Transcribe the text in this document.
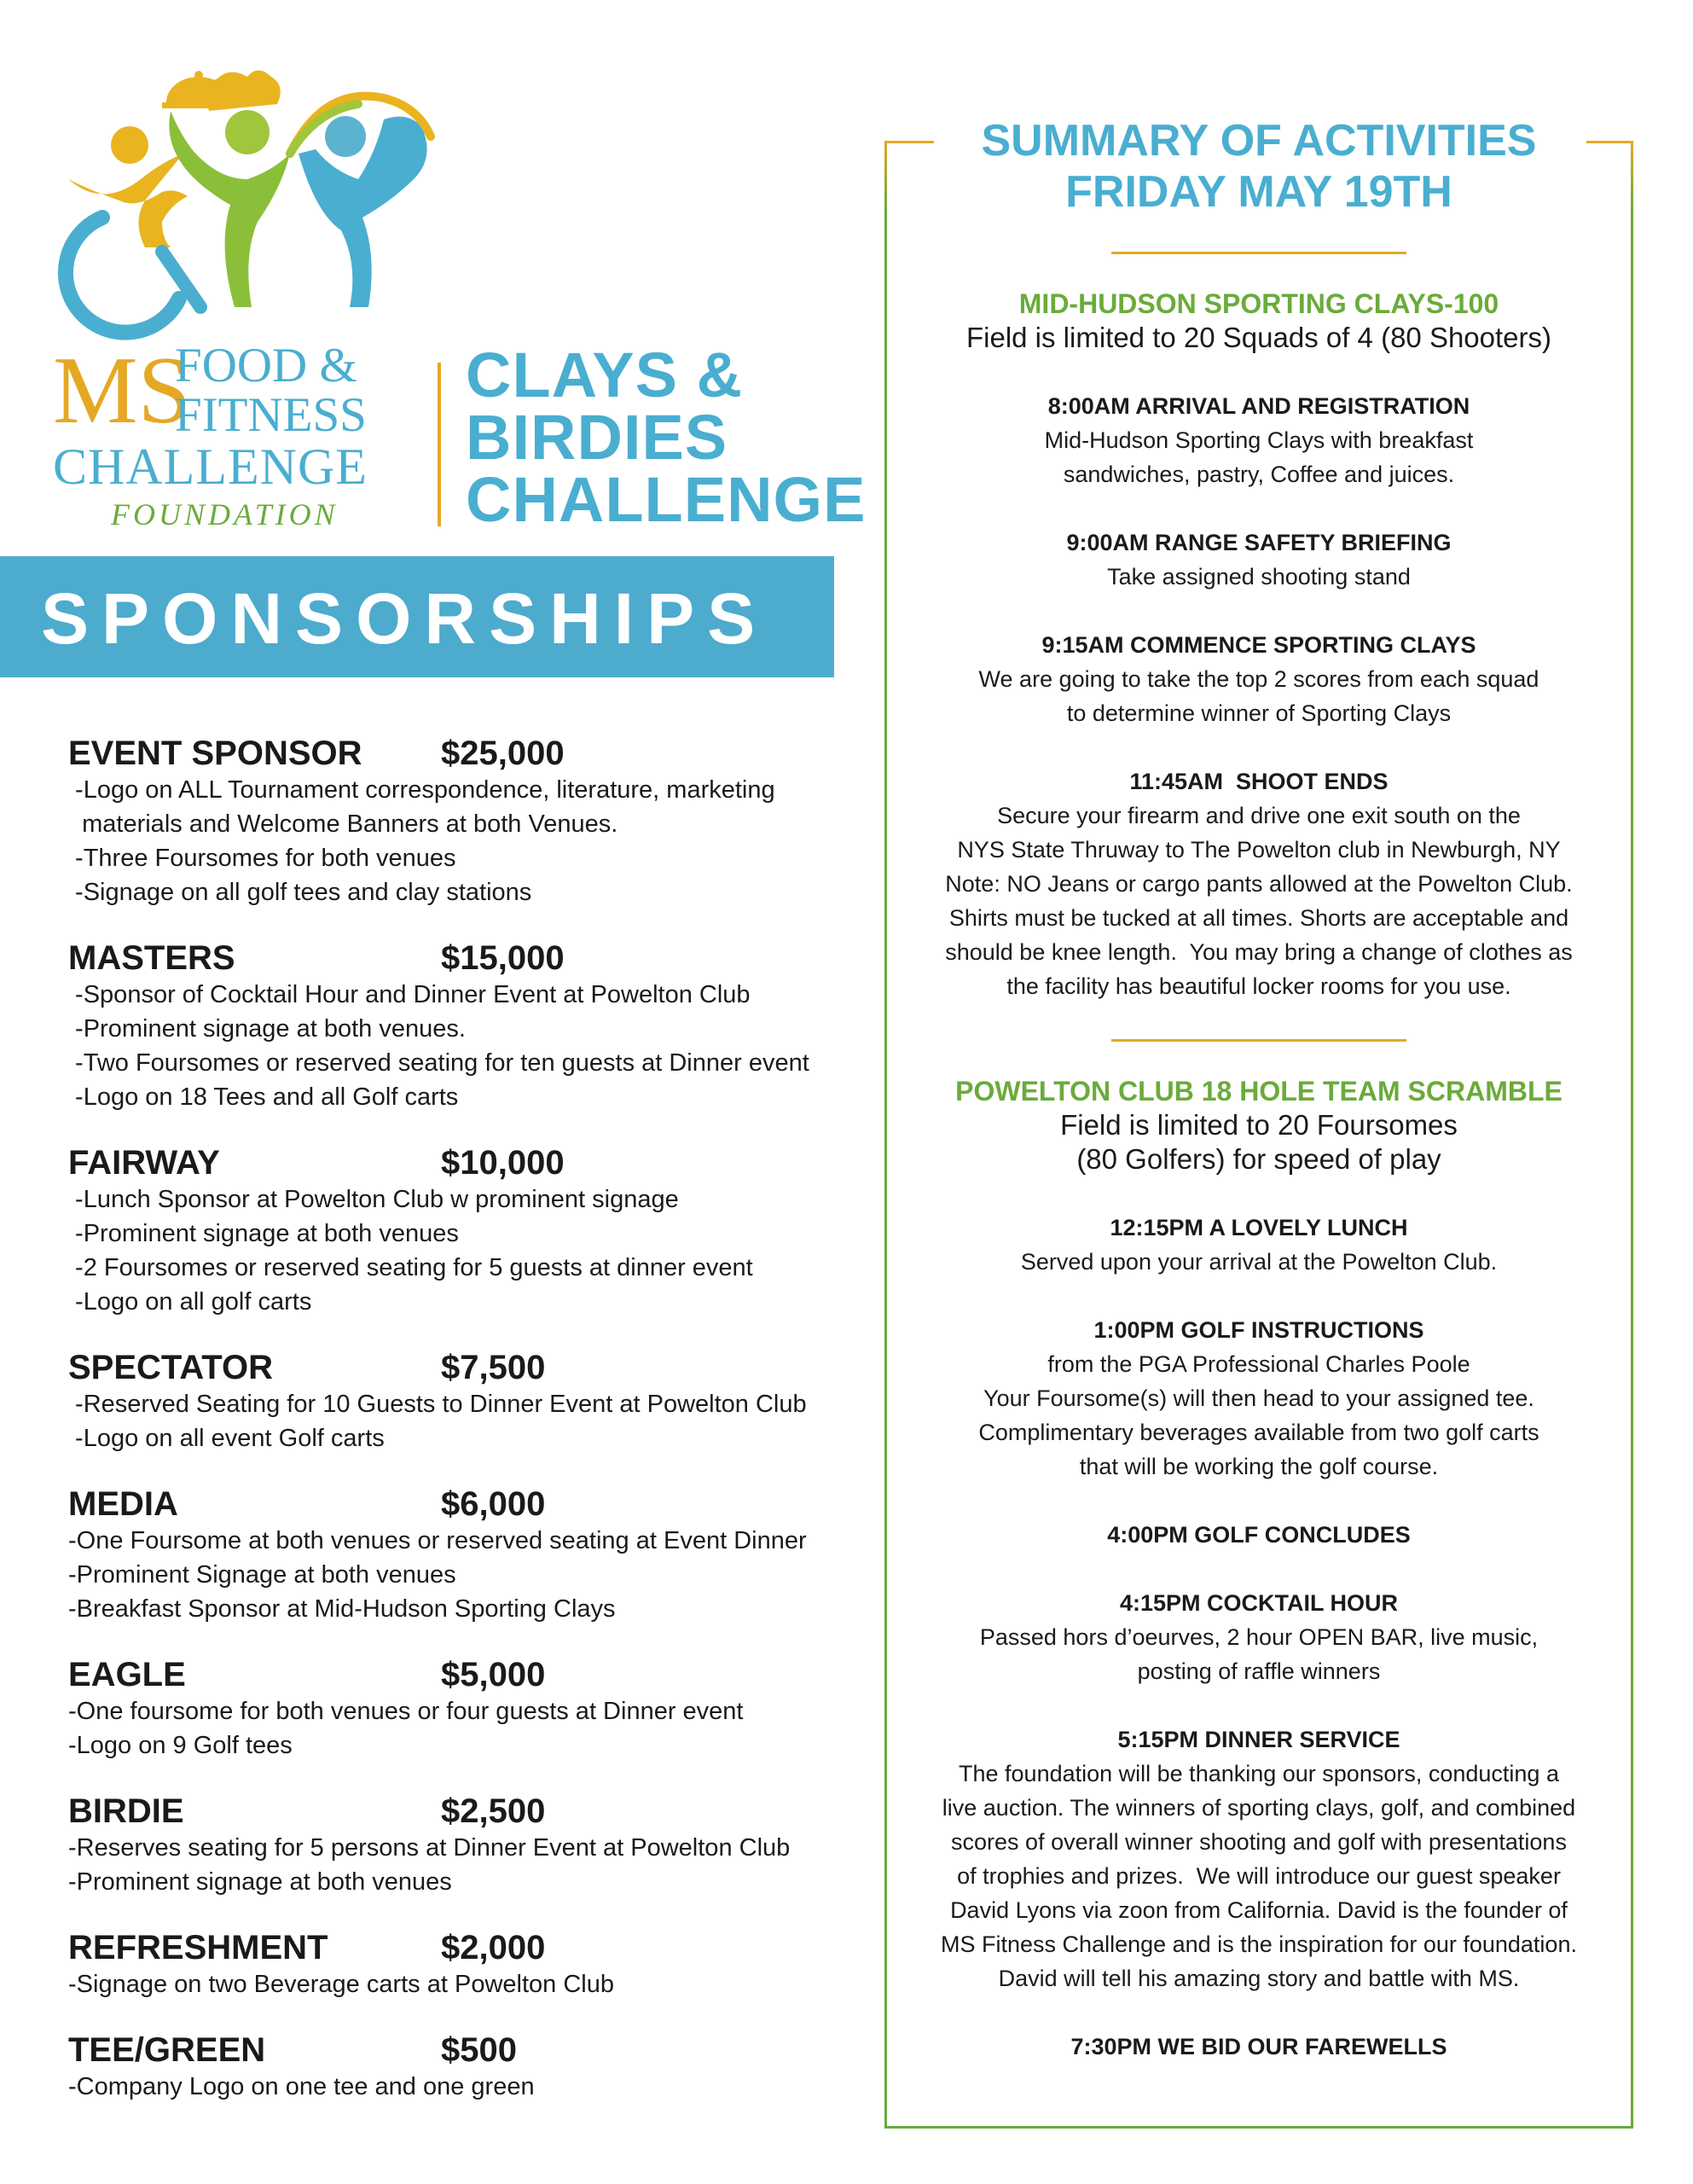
MS
FOOD &
FITNESS
CHALLENGE
FOUNDATION
CLAYS &
BIRDIES
CHALLENGE
SPONSORSHIPS
EVENT SPONSOR	$25,000
-Logo on ALL Tournament correspondence, literature, marketing
materials and Welcome Banners at both Venues.
-Three Foursomes for both venues
-Signage on all golf tees and clay stations
MASTERS	$15,000
-Sponsor of Cocktail Hour and Dinner Event at Powelton Club
-Prominent signage at both venues.
-Two Foursomes or reserved seating for ten guests at Dinner event
-Logo on 18 Tees and all Golf carts
FAIRWAY	$10,000
-Lunch Sponsor at Powelton Club w prominent signage
-Prominent signage at both venues
-2 Foursomes or reserved seating for 5 guests at dinner event
-Logo on all golf carts
SPECTATOR	$7,500
-Reserved Seating for 10 Guests to Dinner Event at Powelton Club
-Logo on all event Golf carts
MEDIA	$6,000
-One Foursome at both venues or reserved seating at Event Dinner
-Prominent Signage at both venues
-Breakfast Sponsor at Mid-Hudson Sporting Clays
EAGLE	$5,000
-One foursome for both venues or four guests at Dinner event
-Logo on 9 Golf tees
BIRDIE	$2,500
-Reserves seating for 5 persons at Dinner Event at Powelton Club
-Prominent signage at both venues
REFRESHMENT	$2,000
-Signage on two Beverage carts at Powelton Club
TEE/GREEN	$500
-Company Logo on one tee and one green
SUMMARY OF ACTIVITIES
FRIDAY MAY 19TH
MID-HUDSON SPORTING CLAYS-100
Field is limited to 20 Squads of 4 (80 Shooters)
8:00AM ARRIVAL AND REGISTRATION
Mid-Hudson Sporting Clays with breakfast
sandwiches, pastry, Coffee and juices.
9:00AM RANGE SAFETY BRIEFING
Take assigned shooting stand
9:15AM COMMENCE SPORTING CLAYS
We are going to take the top 2 scores from each squad
to determine winner of Sporting Clays
11:45AM  SHOOT ENDS
Secure your firearm and drive one exit south on the
NYS State Thruway to The Powelton club in Newburgh, NY
Note: NO Jeans or cargo pants allowed at the Powelton Club.
Shirts must be tucked at all times. Shorts are acceptable and
should be knee length.  You may bring a change of clothes as
the facility has beautiful locker rooms for you use.
POWELTON CLUB 18 HOLE TEAM SCRAMBLE
Field is limited to 20 Foursomes
(80 Golfers) for speed of play
12:15PM A LOVELY LUNCH
Served upon your arrival at the Powelton Club.
1:00PM GOLF INSTRUCTIONS
from the PGA Professional Charles Poole
Your Foursome(s) will then head to your assigned tee.
Complimentary beverages available from two golf carts
that will be working the golf course.
4:00PM GOLF CONCLUDES
4:15PM COCKTAIL HOUR
Passed hors d’oeurves, 2 hour OPEN BAR, live music,
posting of raffle winners
5:15PM DINNER SERVICE
The foundation will be thanking our sponsors, conducting a
live auction. The winners of sporting clays, golf, and combined
scores of overall winner shooting and golf with presentations
of trophies and prizes.  We will introduce our guest speaker
David Lyons via zoon from California. David is the founder of
MS Fitness Challenge and is the inspiration for our foundation.
David will tell his amazing story and battle with MS.
7:30PM WE BID OUR FAREWELLS
